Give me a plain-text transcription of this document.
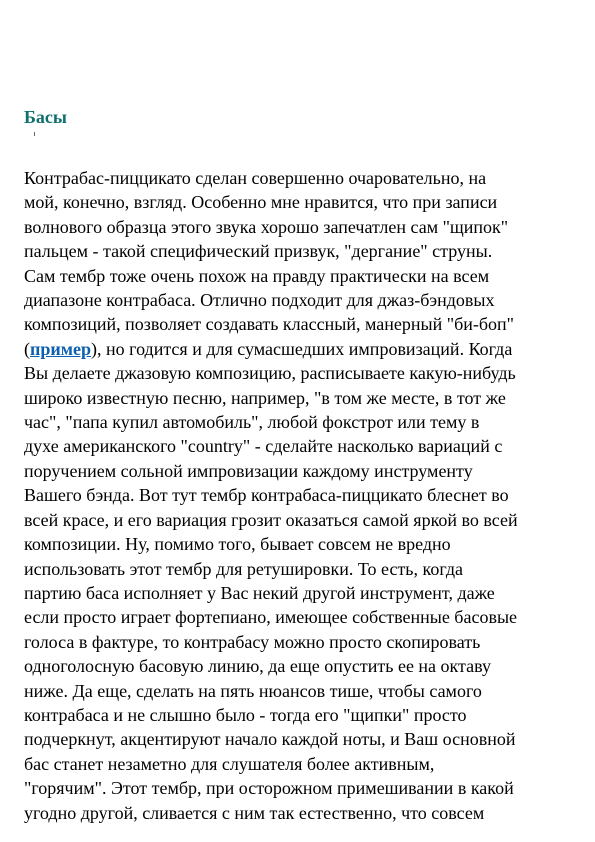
Басы
Контрабас-пиццикато сделан совершенно очаровательно, на
мой, конечно, взгляд. Особенно мне нравится, что при записи
волнового образца этого звука хорошо запечатлен сам "щипок"
пальцем - такой специфический призвук, "дергание" струны.
Сам тембр тоже очень похож на правду практически на всем
диапазоне контрабаса. Отлично подходит для джаз-бэндовых
композиций, позволяет создавать классный, манерный "би-боп"
(пример), но годится и для сумасшедших импровизаций. Когда
Вы делаете джазовую композицию, расписываете какую-нибудь
широко известную песню, например, "в том же месте, в тот же
час", "папа купил автомобиль", любой фокстрот или тему в
духе американского "country" - сделайте насколько вариаций с
поручением сольной импровизации каждому инструменту
Вашего бэнда. Вот тут тембр контрабаса-пиццикато блеснет во
всей красе, и его вариация грозит оказаться самой яркой во всей
композиции. Ну, помимо того, бывает совсем не вредно
использовать этот тембр для ретушировки. То есть, когда
партию баса исполняет у Вас некий другой инструмент, даже
если просто играет фортепиано, имеющее собственные басовые
голоса в фактуре, то контрабасу можно просто скопировать
одноголосную басовую линию, да еще опустить ее на октаву
ниже. Да еще, сделать на пять нюансов тише, чтобы самого
контрабаса и не слышно было - тогда его "щипки" просто
подчеркнут, акцентируют начало каждой ноты, и Ваш основной
бас станет незаметно для слушателя более активным,
"горячим". Этот тембр, при осторожном примешивании в какой
угодно другой, сливается с ним так естественно, что совсем
